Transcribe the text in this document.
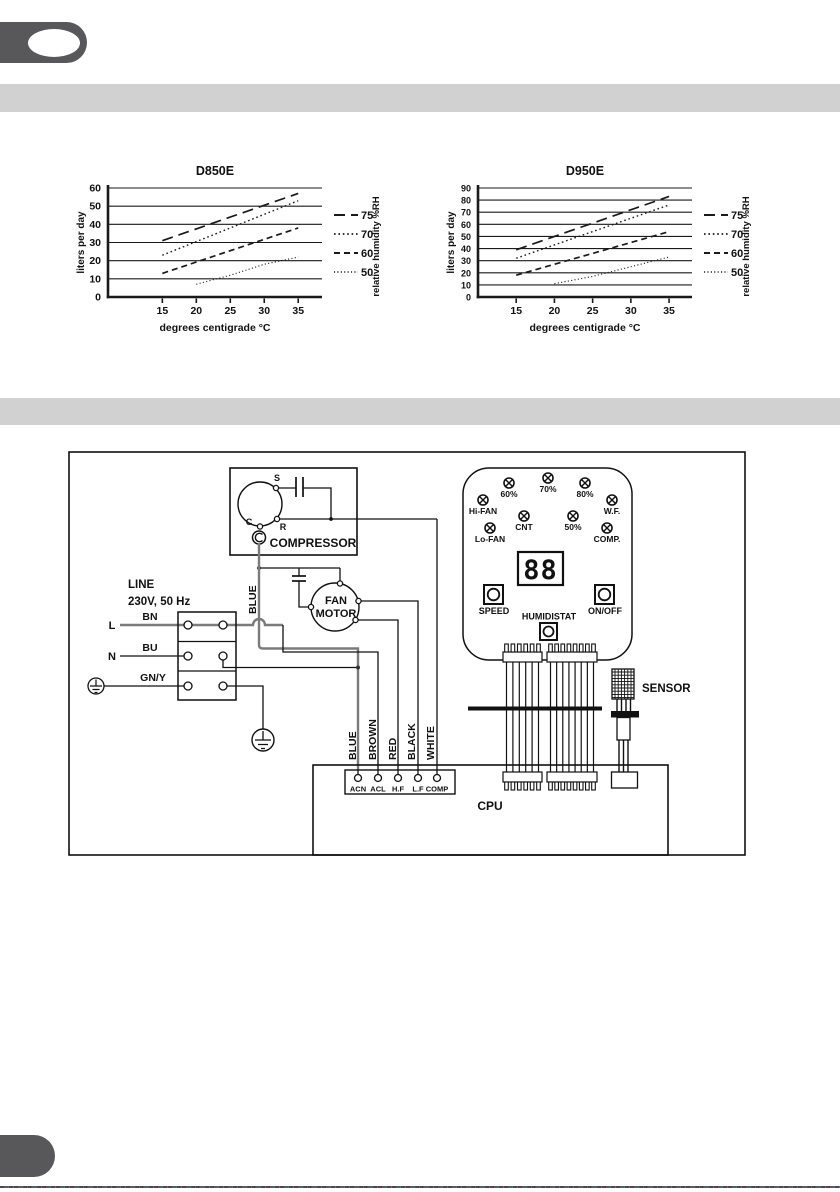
0
10
20
30
40
50
60
15 20 25 30 35
D850E
degrees centigrade °C
liters per day	75
70
60
50
relative humidity %RH
0
10
20
30
40
50
60
70
80
90
15	20	25	30	35
D950E
degrees centigrade °C
liters per day	75
70
60
50
relative humidity %RH
S
R
C
COMPRESSOR
FAN
MOTOR
BLUE
LINE
230V, 50 Hz
L
N
BN
BU
GN/Y
ACN ACL H.F L.F COMP
CPU
BLUE BROWN RED BLACK WHITE
60%	70% 80%
Hi-FAN	W.F.
CNT	50%
Lo-FAN	COMP.
88
SPEED	ON/OFF
HUMIDISTAT
SENSOR
